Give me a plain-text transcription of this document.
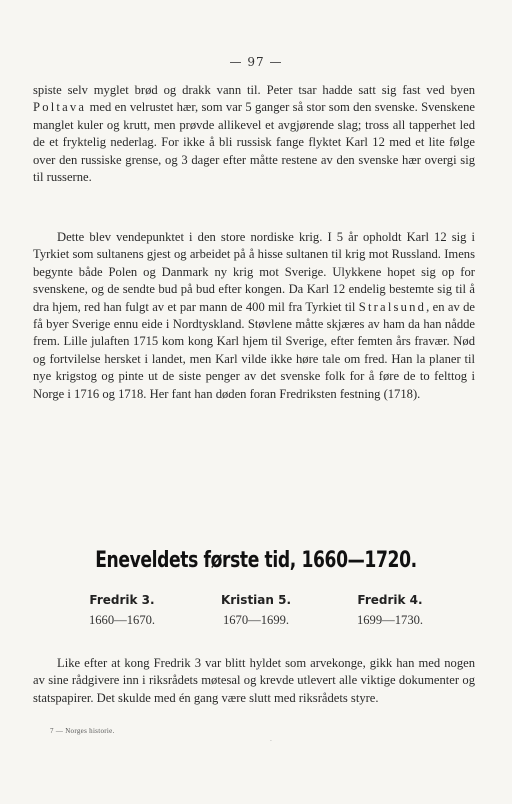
— 97 —

spiste selv myglet brød og drakk vann til. Peter tsar hadde satt sig fast ved byen Poltava med en velrustet hær, som var 5 ganger så stor som den svenske. Svenskene manglet kuler og krutt, men prøvde allikevel et avgjørende slag; tross all tapperhet led de et fryktelig nederlag. For ikke å bli russisk fange flyktet Karl 12 med et lite følge over den russiske grense, og 3 dager efter måtte restene av den svenske hær overgi sig til russerne.

Dette blev vendepunktet i den store nordiske krig. I 5 år opholdt Karl 12 sig i Tyrkiet som sultanens gjest og arbeidet på å hisse sultanen til krig mot Russland. Imens begynte både Polen og Danmark ny krig mot Sverige. Ulykkene hopet sig op for svenskene, og de sendte bud på bud efter kongen. Da Karl 12 endelig bestemte sig til å dra hjem, red han fulgt av et par mann de 400 mil fra Tyrkiet til Stralsund, en av de få byer Sverige ennu eide i Nordtyskland. Støvlene måtte skjæres av ham da han nådde frem. Lille julaften 1715 kom kong Karl hjem til Sverige, efter femten års fravær. Nød og fortvilelse hersket i landet, men Karl vilde ikke høre tale om fred. Han la planer til nye krigstog og pinte ut de siste penger av det svenske folk for å føre de to felttog i Norge i 1716 og 1718. Her fant han døden foran Fredriksten festning (1718).

Eneveldets første tid, 1660—1720.
Fredrik 3.
1660—1670.
Kristian 5.
1670—1699.
Fredrik 4.
1699—1730.

Like efter at kong Fredrik 3 var blitt hyldet som arvekonge, gikk han med nogen av sine rådgivere inn i riksrådets møtesal og krevde utlevert alle viktige dokumenter og statspapirer. Det skulde med én gang være slutt med riksrådets styre.

7 — Norges historie.
·
